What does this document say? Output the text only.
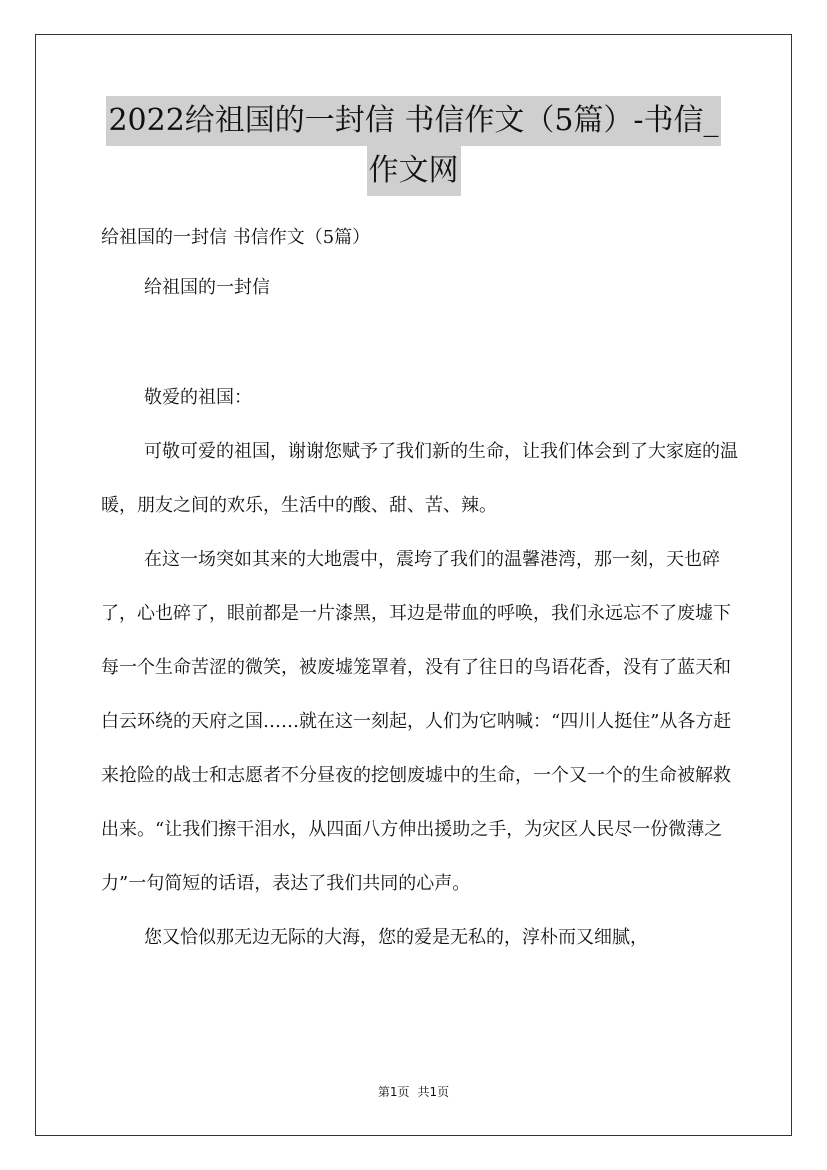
2022给祖国的一封信 书信作文（5篇）-书信_
作文网

给祖国的一封信 书信作文（5篇）

给祖国的一封信

敬爱的祖国：

可敬可爱的祖国，谢谢您赋予了我们新的生命，让我们体会到了大家庭的温暖，朋友之间的欢乐，生活中的酸、甜、苦、辣。

在这一场突如其来的大地震中，震垮了我们的温馨港湾，那一刻，天也碎了，心也碎了，眼前都是一片漆黑，耳边是带血的呼唤，我们永远忘不了废墟下每一个生命苦涩的微笑，被废墟笼罩着，没有了往日的鸟语花香，没有了蓝天和白云环绕的天府之国……就在这一刻起，人们为它呐喊：“四川人挺住”从各方赶来抢险的战士和志愿者不分昼夜的挖刨废墟中的生命，一个又一个的生命被解救出来。“让我们擦干泪水，从四面八方伸出援助之手，为灾区人民尽一份微薄之力”一句简短的话语，表达了我们共同的心声。

您又恰似那无边无际的大海，您的爱是无私的，淳朴而又细腻，

第1页 共1页
